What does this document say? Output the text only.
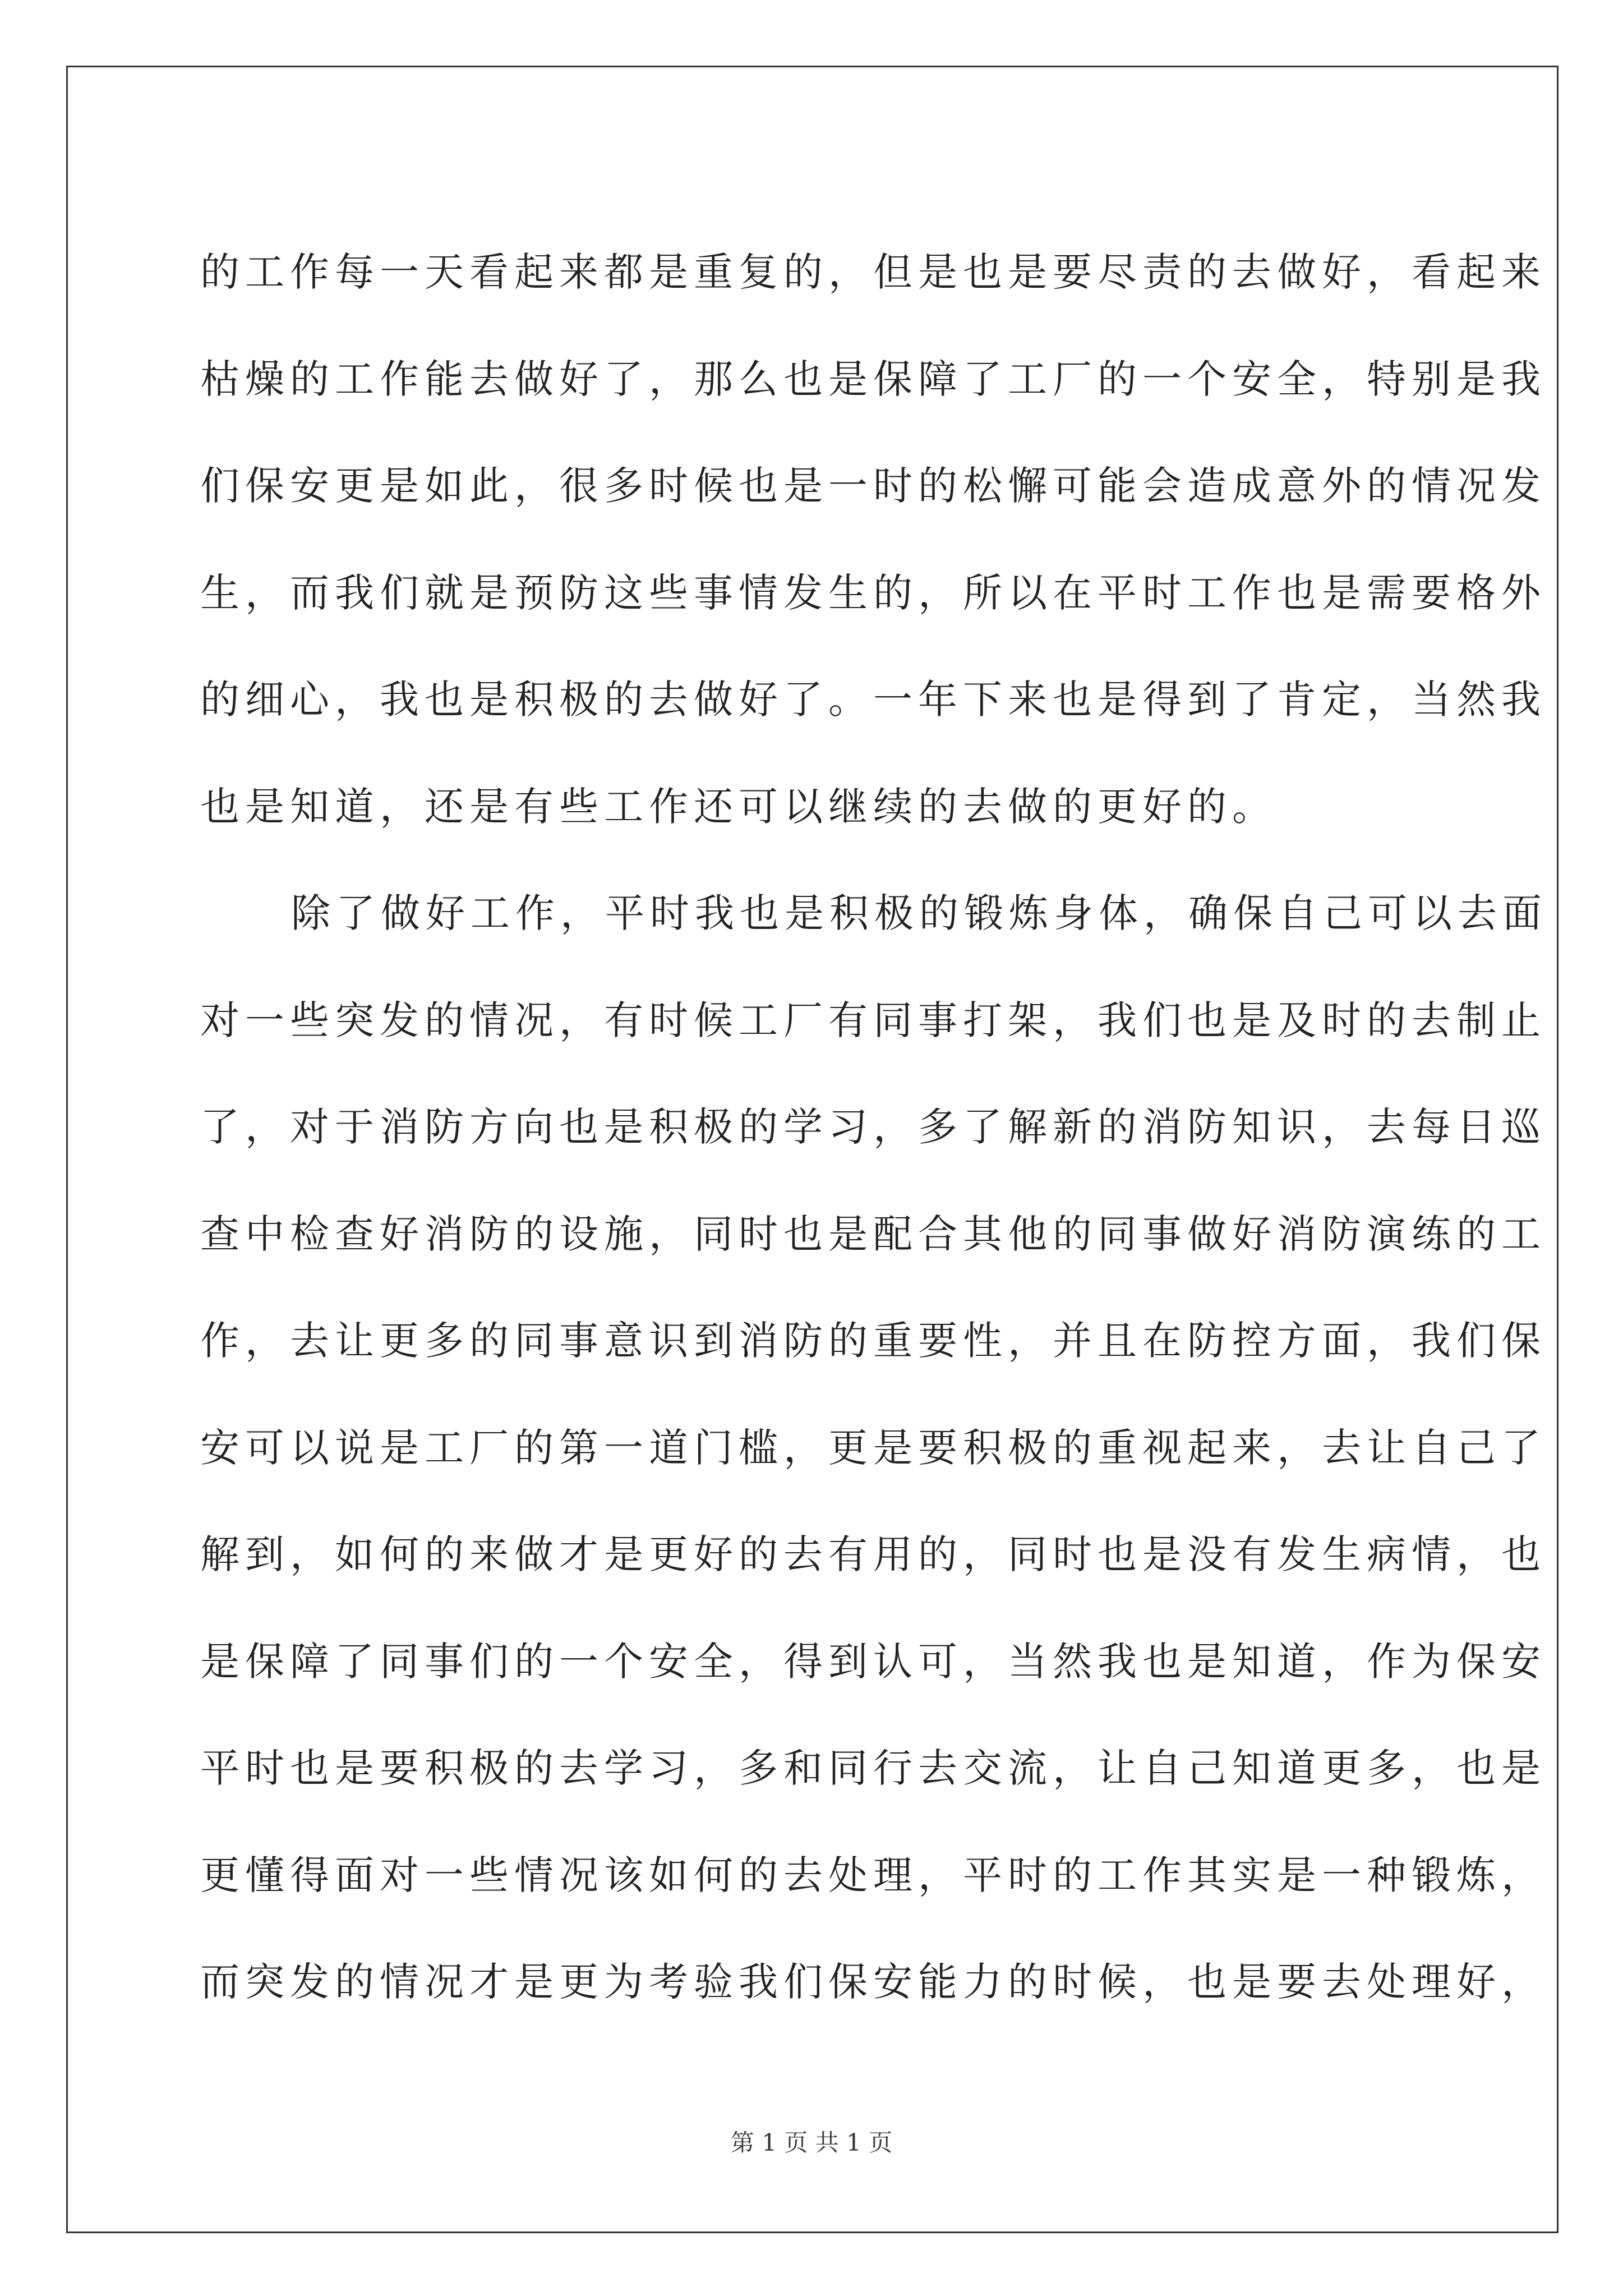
的工作每一天看起来都是重复的，但是也是要尽责的去做好，看起来
枯燥的工作能去做好了，那么也是保障了工厂的一个安全，特别是我
们保安更是如此，很多时候也是一时的松懈可能会造成意外的情况发
生，而我们就是预防这些事情发生的，所以在平时工作也是需要格外
的细心，我也是积极的去做好了。一年下来也是得到了肯定，当然我
也是知道，还是有些工作还可以继续的去做的更好的。
除了做好工作，平时我也是积极的锻炼身体，确保自己可以去面
对一些突发的情况，有时候工厂有同事打架，我们也是及时的去制止
了，对于消防方向也是积极的学习，多了解新的消防知识，去每日巡
查中检查好消防的设施，同时也是配合其他的同事做好消防演练的工
作，去让更多的同事意识到消防的重要性，并且在防控方面，我们保
安可以说是工厂的第一道门槛，更是要积极的重视起来，去让自己了
解到，如何的来做才是更好的去有用的，同时也是没有发生病情，也
是保障了同事们的一个安全，得到认可，当然我也是知道，作为保安
平时也是要积极的去学习，多和同行去交流，让自己知道更多，也是
更懂得面对一些情况该如何的去处理，平时的工作其实是一种锻炼，
而突发的情况才是更为考验我们保安能力的时候，也是要去处理好，
第 1 页 共 1 页
